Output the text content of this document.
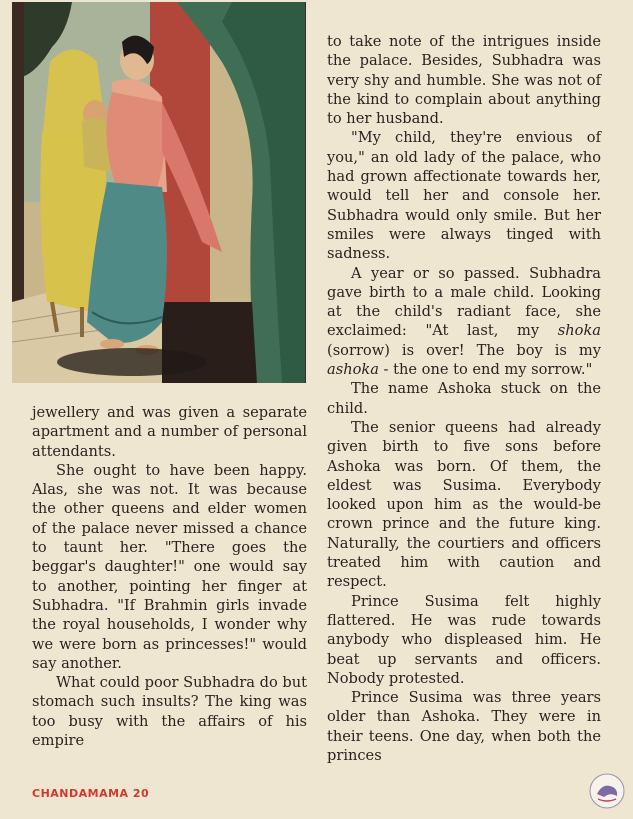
jewellery and was given a separate apartment and a number of personal attendants.

She ought to have been happy. Alas, she was not. It was because the other queens and elder women of the palace never missed a chance to taunt her. "There goes the beggar's daughter!" one would say to another, pointing her finger at Subhadra. "If Brahmin girls invade the royal households, I wonder why we were born as princesses!" would say another.

What could poor Subhadra do but stomach such insults? The king was too busy with the affairs of his empire

to take note of the intrigues inside the palace. Besides, Subhadra was very shy and humble. She was not of the kind to complain about anything to her husband.

"My child, they're envious of you," an old lady of the palace, who had grown affectionate towards her, would tell her and console her. Subhadra would only smile. But her smiles were always tinged with sadness.

A year or so passed. Subhadra gave birth to a male child. Looking at the child's radiant face, she exclaimed: "At last, my shoka (sorrow) is over! The boy is my ashoka - the one to end my sorrow."

The name Ashoka stuck on the child.

The senior queens had already given birth to five sons before Ashoka was born. Of them, the eldest was Susima. Everybody looked upon him as the would-be crown prince and the future king. Naturally, the courtiers and officers treated him with caution and respect.

Prince Susima felt highly flattered. He was rude towards anybody who displeased him. He beat up servants and officers. Nobody protested.

Prince Susima was three years older than Ashoka. They were in their teens. One day, when both the princes

CHANDAMAMA 20
